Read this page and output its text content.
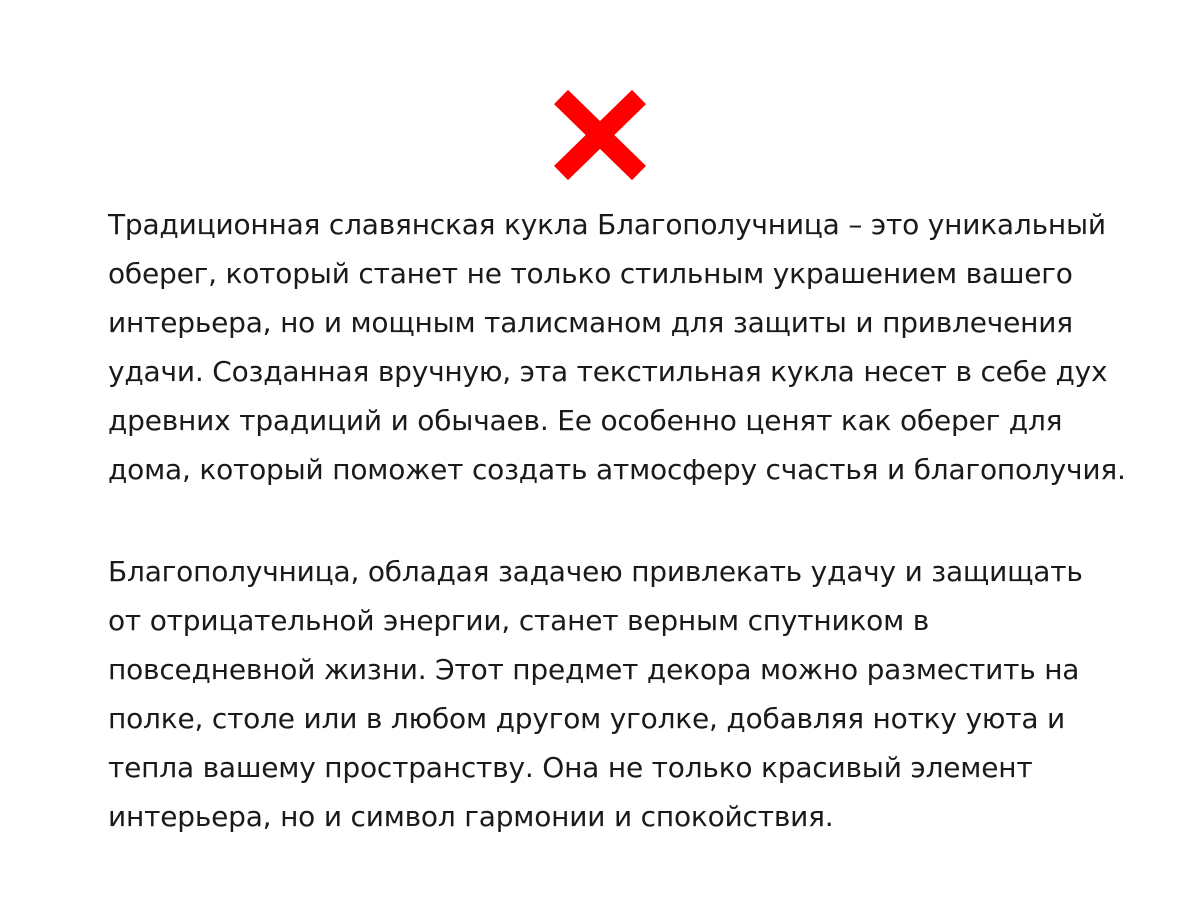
Традиционная славянская кукла Благополучница – это уникальный
оберег, который станет не только стильным украшением вашего
интерьера, но и мощным талисманом для защиты и привлечения
удачи. Созданная вручную, эта текстильная кукла несет в себе дух
древних традиций и обычаев. Ее особенно ценят как оберег для
дома, который поможет создать атмосферу счастья и благополучия.

Благополучница, обладая задачею привлекать удачу и защищать
от отрицательной энергии, станет верным спутником в
повседневной жизни. Этот предмет декора можно разместить на
полке, столе или в любом другом уголке, добавляя нотку уюта и
тепла вашему пространству. Она не только красивый элемент
интерьера, но и символ гармонии и спокойствия.
